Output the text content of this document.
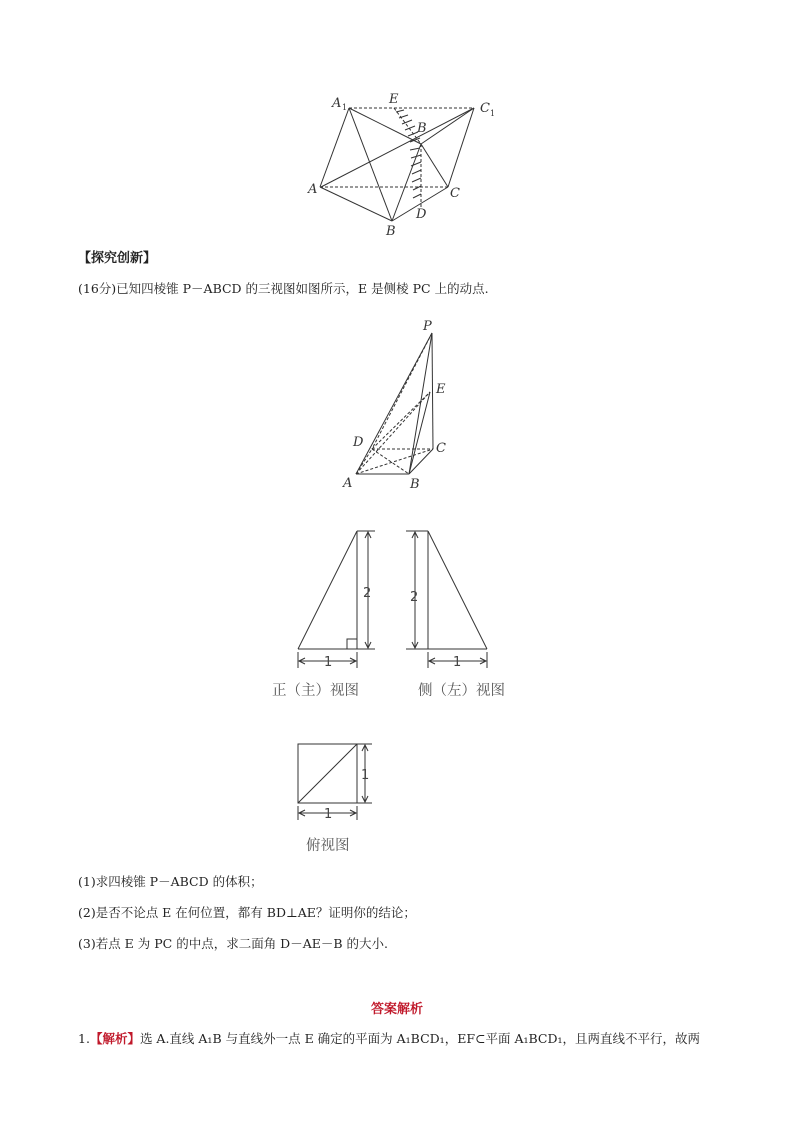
A 1
E
C 1
B
A	C
D
B
【探究创新】
(16分)已知四棱锥 P－ABCD 的三视图如图所示，E 是侧棱 PC 上的动点.
P
E
D	C
A	B
2
1
2
1
1
1
正（主）视图	侧（左）视图
俯视图
(1)求四棱锥 P－ABCD 的体积；
(2)是否不论点 E 在何位置，都有 BD⊥AE？证明你的结论；
(3)若点 E 为 PC 的中点，求二面角 D－AE－B 的大小.
答案解析
1.【解析】选 A.直线 A₁B 与直线外一点 E 确定的平面为 A₁BCD₁，EF⊂平面 A₁BCD₁，且两直线不平行，故两
